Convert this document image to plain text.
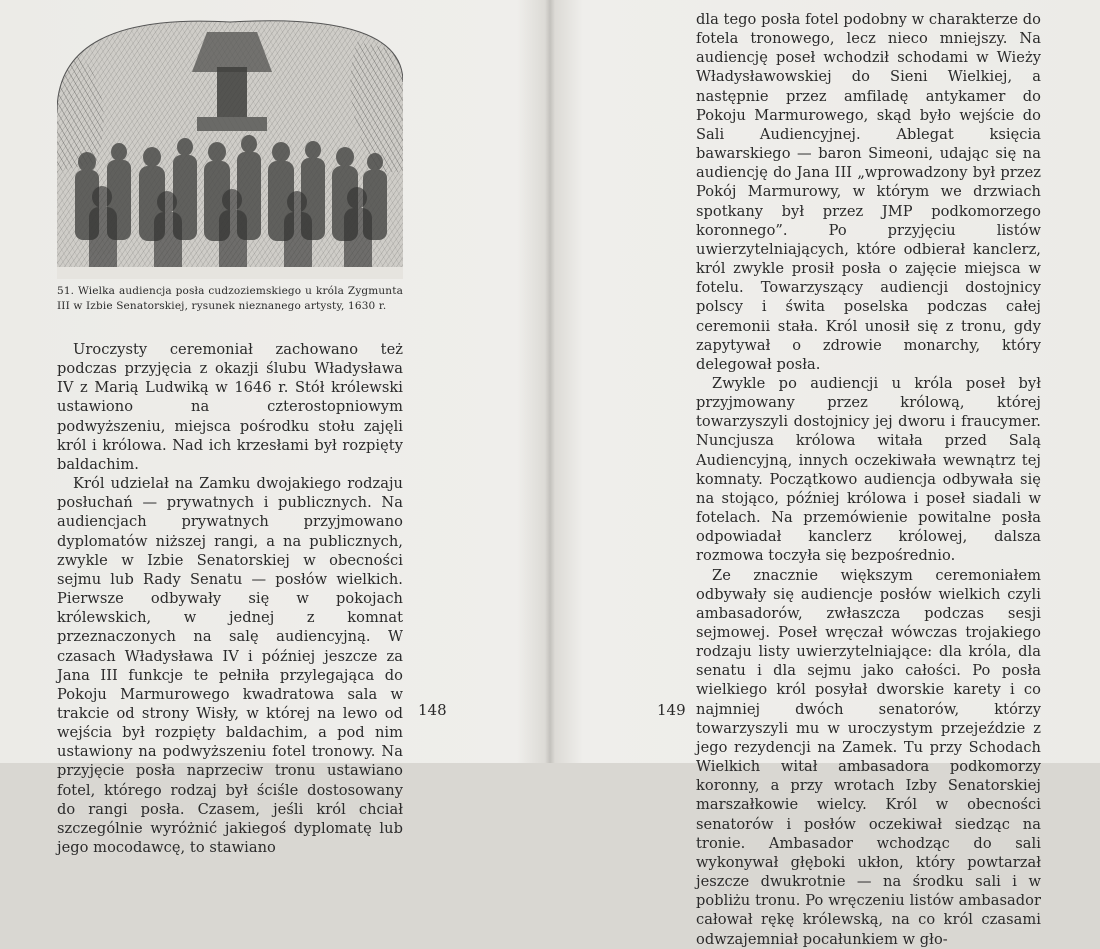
51. Wielka audiencja posła cudzoziemskiego u króla Zygmunta III w Izbie Senatorskiej, rysunek nieznanego artysty, 1630 r.

Uroczysty ceremoniał zachowano też podczas przyjęcia z okazji ślubu Władysława IV z Marią Ludwiką w 1646 r. Stół królewski ustawiono na czterostopniowym podwyższeniu, miejsca pośrodku stołu zajęli król i królowa. Nad ich krzesłami był rozpięty baldachim.

Król udzielał na Zamku dwojakiego rodzaju posłuchań — prywatnych i publicznych. Na audiencjach prywatnych przyjmowano dyplomatów niższej rangi, a na publicznych, zwykle w Izbie Senatorskiej w obecności sejmu lub Rady Senatu — posłów wielkich. Pierwsze odbywały się w pokojach królewskich, w jednej z komnat przeznaczonych na salę audiencyjną. W czasach Władysława IV i później jeszcze za Jana III funkcje te pełniła przylegająca do Pokoju Marmurowego kwadratowa sala w trakcie od strony Wisły, w której na lewo od wejścia był rozpięty baldachim, a pod nim ustawiony na podwyższeniu fotel tronowy. Na przyjęcie posła naprzeciw tronu ustawiano fotel, którego rodzaj był ściśle dostosowany do rangi posła. Czasem, jeśli król chciał szczególnie wyróżnić jakiegoś dyplomatę lub jego mocodawcę, to stawiano

148

dla tego posła fotel podobny w charakterze do fotela tronowego, lecz nieco mniejszy. Na audiencję poseł wchodził schodami w Wieży Władysławowskiej do Sieni Wielkiej, a następnie przez amfiladę antykamer do Pokoju Marmurowego, skąd było wejście do Sali Audiencyjnej. Ablegat księcia bawarskiego — baron Simeoni, udając się na audiencję do Jana III „wprowadzony był przez Pokój Marmurowy, w którym we drzwiach spotkany był przez JMP podkomorzego koronnego”. Po przyjęciu listów uwierzytelniających, które odbierał kanclerz, król zwykle prosił posła o zajęcie miejsca w fotelu. Towarzyszący audiencji dostojnicy polscy i świta poselska podczas całej ceremonii stała. Król unosił się z tronu, gdy zapytywał o zdrowie monarchy, który delegował posła.

Zwykle po audiencji u króla poseł był przyjmowany przez królową, której towarzyszyli dostojnicy jej dworu i fraucymer. Nuncjusza królowa witała przed Salą Audiencyjną, innych oczekiwała wewnątrz tej komnaty. Początkowo audiencja odbywała się na stojąco, później królowa i poseł siadali w fotelach. Na przemówienie powitalne posła odpowiadał kanclerz królowej, dalsza rozmowa toczyła się bezpośrednio.

Ze znacznie większym ceremoniałem odbywały się audiencje posłów wielkich czyli ambasadorów, zwłaszcza podczas sesji sejmowej. Poseł wręczał wówczas trojakiego rodzaju listy uwierzytelniające: dla króla, dla senatu i dla sejmu jako całości. Po posła wielkiego król posyłał dworskie karety i co najmniej dwóch senatorów, którzy towarzyszyli mu w uroczystym przejeździe z jego rezydencji na Zamek. Tu przy Schodach Wielkich witał ambasadora podkomorzy koronny, a przy wrotach Izby Senatorskiej marszałkowie wielcy. Król w obecności senatorów i posłów oczekiwał siedząc na tronie. Ambasador wchodząc do sali wykonywał głęboki ukłon, który powtarzał jeszcze dwukrotnie — na środku sali i w pobliżu tronu. Po wręczeniu listów ambasador całował rękę królewską, na co król czasami odwzajemniał pocałunkiem w gło-

149
